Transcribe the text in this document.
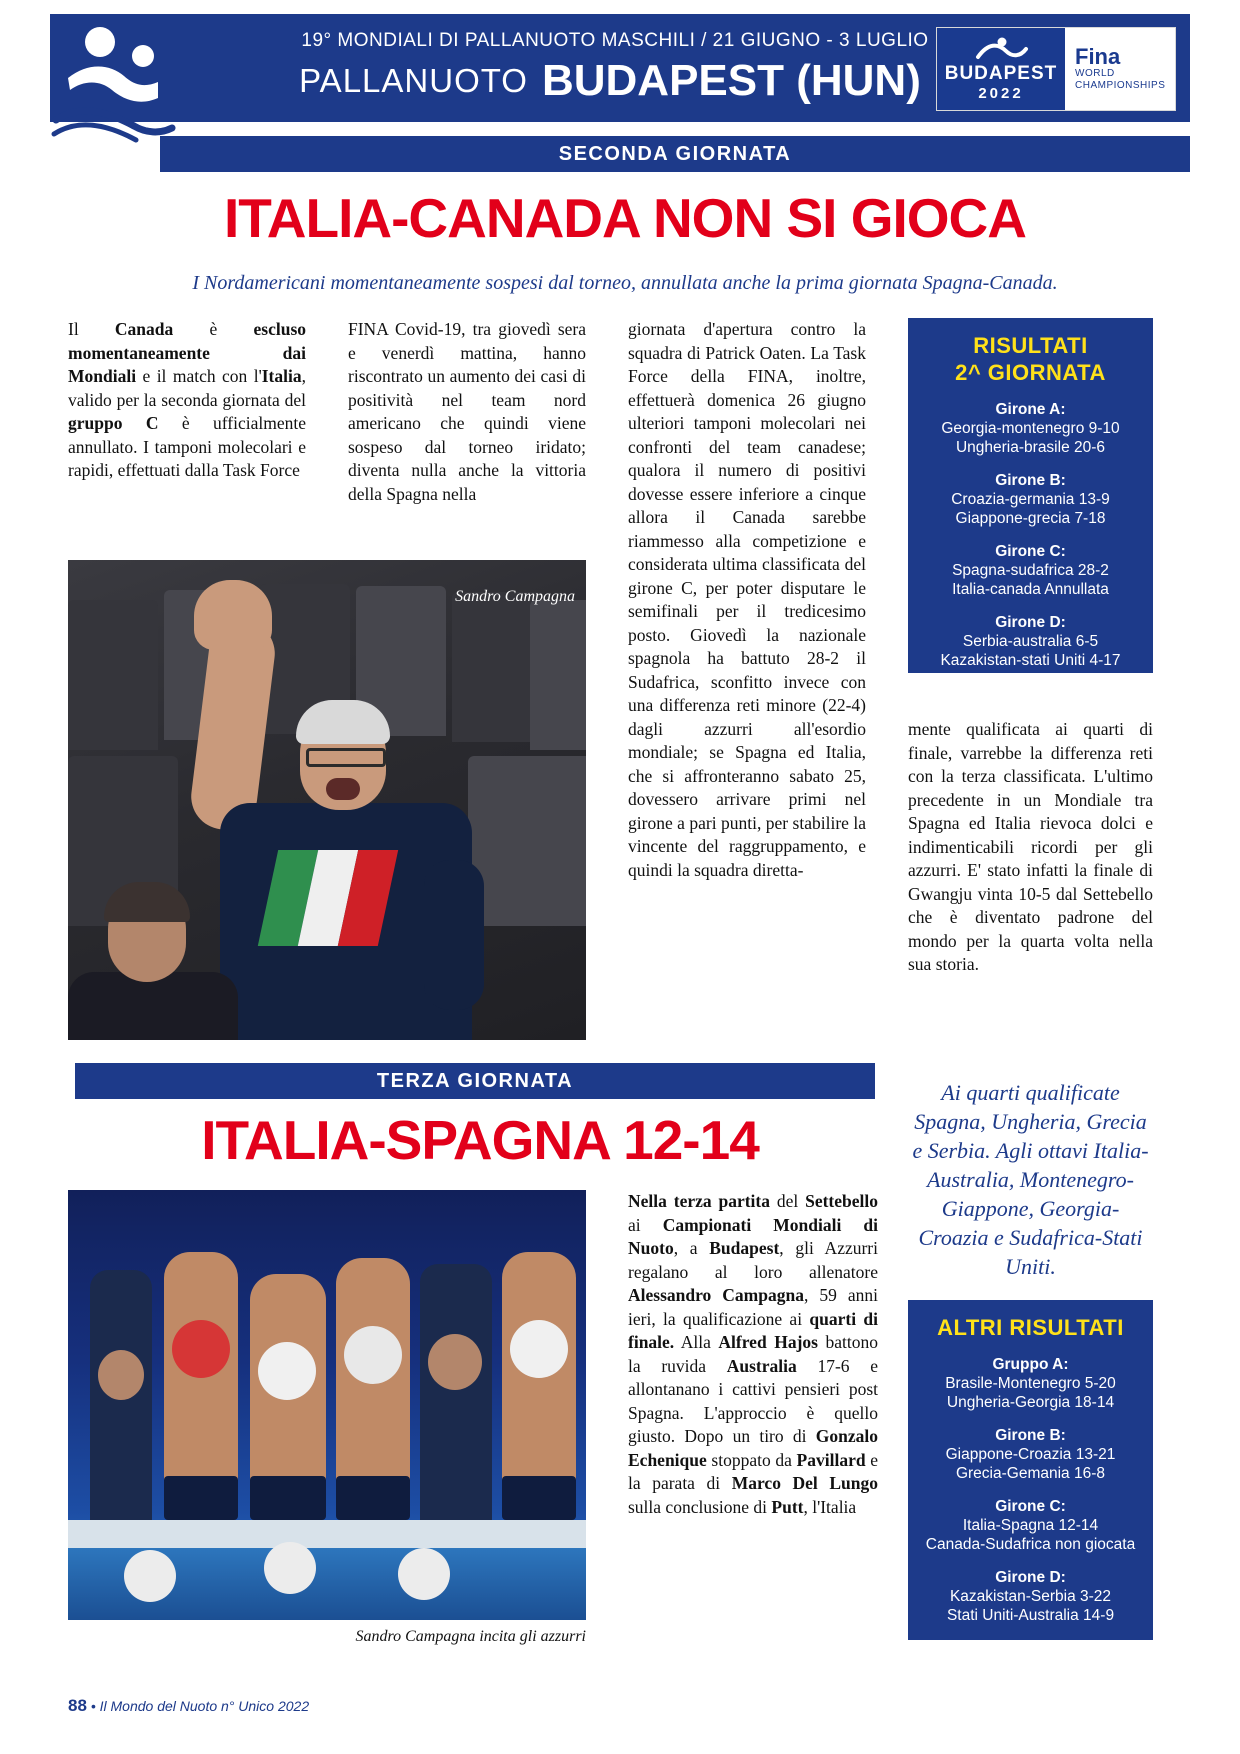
19° MONDIALI DI PALLANUOTO MASCHILI / 21 GIUGNO - 3 LUGLIO
PALLANUOTO BUDAPEST (HUN)	BUDAPEST
2022
Fina
WORLD
CHAMPIONSHIPS
SECONDA GIORNATA
ITALIA-CANADA NON SI GIOCA
I Nordamericani momentaneamente sospesi dal torneo, annullata anche la prima giornata Spagna-Canada.
Il Canada è escluso momentaneamente dai Mondiali e il match con l'Italia, valido per la seconda giornata del gruppo C è ufficialmente annullato. I tamponi molecolari e rapidi, effettuati dalla Task Force
FINA Covid-19, tra giovedì sera e venerdì mattina, hanno riscontrato un aumento dei casi di positività nel team nord americano che quindi viene sospeso dal torneo iridato; diventa nulla anche la vittoria della Spagna nella
giornata d'apertura contro la squadra di Patrick Oaten. La Task Force della FINA, inoltre, effettuerà domenica 26 giugno ulteriori tamponi molecolari nei confronti del team canadese; qualora il numero di positivi dovesse essere inferiore a cinque allora il Canada sarebbe riammesso alla competizione e considerata ultima classificata del girone C, per poter disputare le semifinali per il tredicesimo posto. Giovedì la nazionale spagnola ha battuto 28-2 il Sudafrica, sconfitto invece con una differenza reti minore (22-4) dagli azzurri all'esordio mondiale; se Spagna ed Italia, che si affronteranno sabato 25, dovessero arrivare primi nel girone a pari punti, per stabilire la vincente del raggruppamento, e quindi la squadra diretta-
mente qualificata ai quarti di finale, varrebbe la differenza reti con la terza classificata. L'ultimo precedente in un Mondiale tra Spagna ed Italia rievoca dolci e indimenticabili ricordi per gli azzurri. E' stato infatti la finale di Gwangju vinta 10-5 dal Settebello che è diventato padrone del mondo per la quarta volta nella sua storia.
Sandro Campagna
RISULTATI
2^ GIORNATA
Girone A:
Georgia-montenegro 9-10
Ungheria-brasile 20-6
Girone B:
Croazia-germania 13-9
Giappone-grecia 7-18
Girone C:
Spagna-sudafrica 28-2
Italia-canada Annullata
Girone D:
Serbia-australia 6-5
Kazakistan-stati Uniti 4-17
TERZA GIORNATA
ITALIA-SPAGNA 12-14
Sandro Campagna incita gli azzurri
Nella terza partita del Settebello ai Campionati Mondiali di Nuoto, a Budapest, gli Azzurri regalano al loro allenatore Alessandro Campagna, 59 anni ieri, la qualificazione ai quarti di finale. Alla Alfred Hajos battono la ruvida Australia 17-6 e allontanano i cattivi pensieri post Spagna. L'approccio è quello giusto. Dopo un tiro di Gonzalo Echenique stoppato da Pavillard e la parata di Marco Del Lungo sulla conclusione di Putt, l'Italia
Ai quarti qualificate Spagna, Ungheria, Grecia e Serbia. Agli ottavi Italia-Australia, Montenegro-Giappone, Georgia-Croazia e Sudafrica-Stati Uniti.
ALTRI RISULTATI
Gruppo A:
Brasile-Montenegro 5-20
Ungheria-Georgia 18-14
Girone B:
Giappone-Croazia 13-21
Grecia-Gemania 16-8
Girone C:
Italia-Spagna 12-14
Canada-Sudafrica non giocata
Girone D:
Kazakistan-Serbia 3-22
Stati Uniti-Australia 14-9
88 • Il Mondo del Nuoto n° Unico 2022
